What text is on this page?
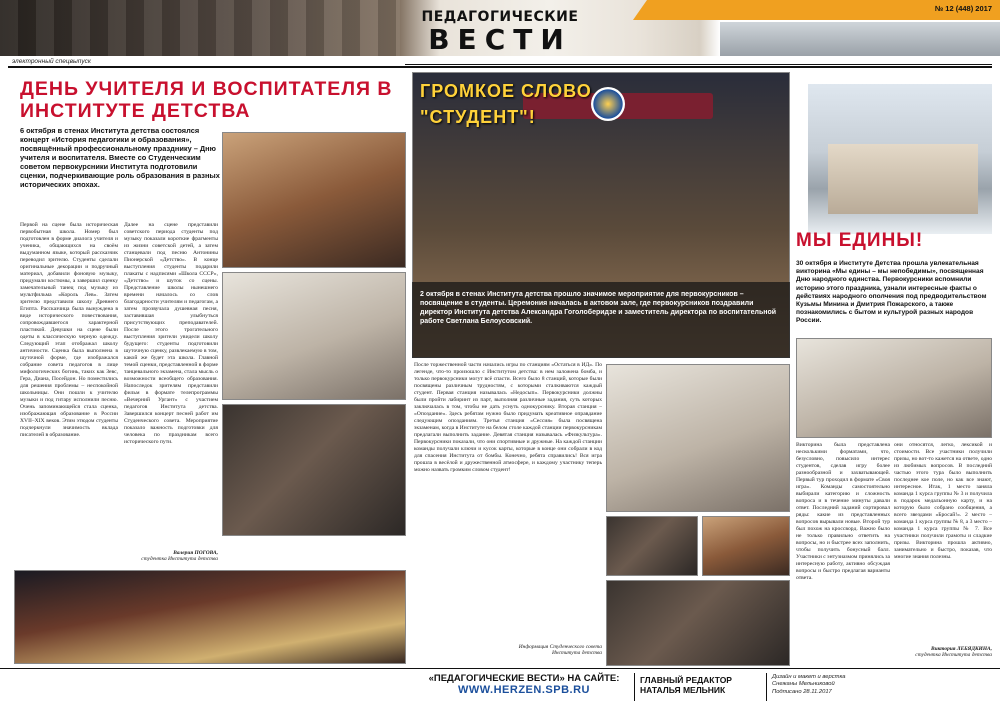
ПЕДАГОГИЧЕСКИЕ
ВЕСТИ
№ 12 (448) 2017
электронный спецвыпуск
ДЕНЬ УЧИТЕЛЯ И ВОСПИТАТЕЛЯ В ИНСТИТУТЕ ДЕТСТВА
6 октября в стенах Института детства состоялся концерт «История педагогики и образования», посвящённый профессиональному празднику – Дню учителя и воспитателя. Вместе со Студенческим советом первокурсники Института подготовили сценки, подчеркивающие роль образования в разных исторических эпохах.
Первой на сцене была историческая первобытная школа. Номер был подготовлен в форме диалога учителя и ученика, общающихся на своём выдуманном языке, который рассказчик переводил зрителю. Студенты сделали оригинальные декорации и подручный материал, добавили фоновую музыку, придумали костюмы, а завершил сценку замечательный танец под музыку из мультфильма «Король Лев». Затем зрителю представили школу Древнего Египта. Рассказчица была вынуждена в виде исторического повествования, сопровождавшегося характерной пластикой. Девушки на сцене были одеты в классическую черную одежду. Следующий этап отображал школу античности. Сценка была выполнена в шуточной форме, где изображался собрание совета педагогов в лице мифологических богинь, таких как Зевс, Гера, Диана, Посейдон. Но поместились для решения проблемы – неспокойной школьницы. Они пошли к учителю музыки и под гитару исполнили песню. Очень запоминающейся стала сценка, изображающая образование в России XVII–XIX веков. Этим этюдом студенты подчеркнули значимость вклада писателей в образование.
Далее на сцене представили советского периода студенты под музыку показали короткие фрагменты из жизни советской детей, а затем станцевали под песню Антонины Пионерской «Детство». В конце выступления студенты подарили плакаты с надписями «Школа СССР», «Детство» и шуток со сцены. Представление школы нынешнего времени началось со слов благодарности учителям и педагогам, а затем прозвучала душевная песня, заставившая улыбнуться присутствующих преподавателей. После этого трогательного выступления зрители увидели школу будущего: студенты подготовили шуточную сценку, развлекаемую в том, какой же будет эта школа. Главной темой сценки, представленной в форме танцевального экзамена, стала мысль о возможности всеобщего образования. Напоследок зрителям представили фильм в формате телепрограммы «Вечерний Ургант» с участием педагогов Института детства. Завершился концерт песней работ им Студенческого совета. Мероприятие показало важность подготовки для человека по праздникам всего исторического пути.
Валерия ПОГОВА,
студентка Института детства
ГРОМКОЕ СЛОВО
"СТУДЕНТ"!
2 октября в стенах Института детства прошло значимое мероприятие для первокурсников – посвящение в студенты. Церемония началась в актовом зале, где первокурсников поздравили директор Института детства Александра Гоголоберидзе и заместитель директора по воспитательной работе Светлана Белоусовский.
После торжественной части начались игры по станциям «Остаться в ИД». По легенде, что-то произошло с Институтом детства: в нем заложена бомба, и только первокурсники могут всё спасти. Всего было 8 станций, которые были посвящены различным трудностям, с которыми сталкиваются каждый студент. Первая станция называлась «Недосып». Первокурсники должны были пройти лабиринт из парт, выполняя различные задания, суть которых заключалась в том, чтобы не дать уснуть однокурснику. Вторая станция – «Опоздание». Здесь ребятам нужно было придумать креативное оправдание следующим опозданиям. Третья станция «Сессия» была посвящена экзаменам, когда в Институте на белом столе каждой станции первокурсникам предлагали выполнить задание. Девятая станция называлась «Физкультура». Первокурсники показали, что они спортивные и дружные. На каждой станции команды получали ключи и кусок карты, которые в конце они собрали в код для спасения Института от бомбы. Конечно, ребята справились! Вся игра прошла в весёлой и дружественной атмосфере, и каждому участнику теперь можно назвать громким словом студент!
Информация Студенческого совета
Института детства
МЫ ЕДИНЫ!
30 октября в Институте Детства прошла увлекательная викторина «Мы едины – мы непобедимы», посвященная Дню народного единства. Первокурсники вспомнили историю этого праздника, узнали интересные факты о действиях народного ополчения под предводительством Кузьмы Минина и Дмитрия Пожарского, а также познакомились с бытом и культурой разных народов России.
Викторина была представлена несколькими форматами, что, безусловно, повысило интерес студентов, сделав игру более разнообразной и захватывающей. Первый тур проходил в формате «Своя игра». Команды самостоятельно выбирали категорию и сложность вопроса и в течение минуты давали ответ. Последний заданий сортировал ряды: какие из представленных вопросов вырывали новые. Второй тур был похож на кроссворд. Важно было не только правильно ответить на вопросы, но и быстрее всех заполнить, чтобы получить бонусный балл. Участники с энтузиазмом принялись за интересную работу, активно обсуждая вопросы и быстро предлагая варианты ответа.
они относятся, легко, лексикой и стоимости. Все участники получили призы, но вот-то кажется на ответе, одно из любимых вопросов. В последний частью этого тура было выполнить последнее кое поле, но как все знают, интересное. Итак, 1 место заняла команда 1 курса группы № 3 и получила в подарок медальонную карту, и на которую было собрано сообщения, а всего звездами «Бросай!». 2 место – команда 1 курса группы № 8, а 3 место – команда 1 курса группы № 7. Все участники получили грамоты и сладкие призы. Викторина прошла активно, занимательно и быстро, показав, что многие знания полезны.
Виктория ЛЕБЯДКИНА,
студентка Института детства
«ПЕДАГОГИЧЕСКИЕ ВЕСТИ» НА САЙТЕ:
WWW.HERZEN.SPB.RU
ГЛАВНЫЙ РЕДАКТОР
НАТАЛЬЯ МЕЛЬНИК
Дизайн и макет и верстка
Снежаны Мельниковой
Подписано 28.11.2017
